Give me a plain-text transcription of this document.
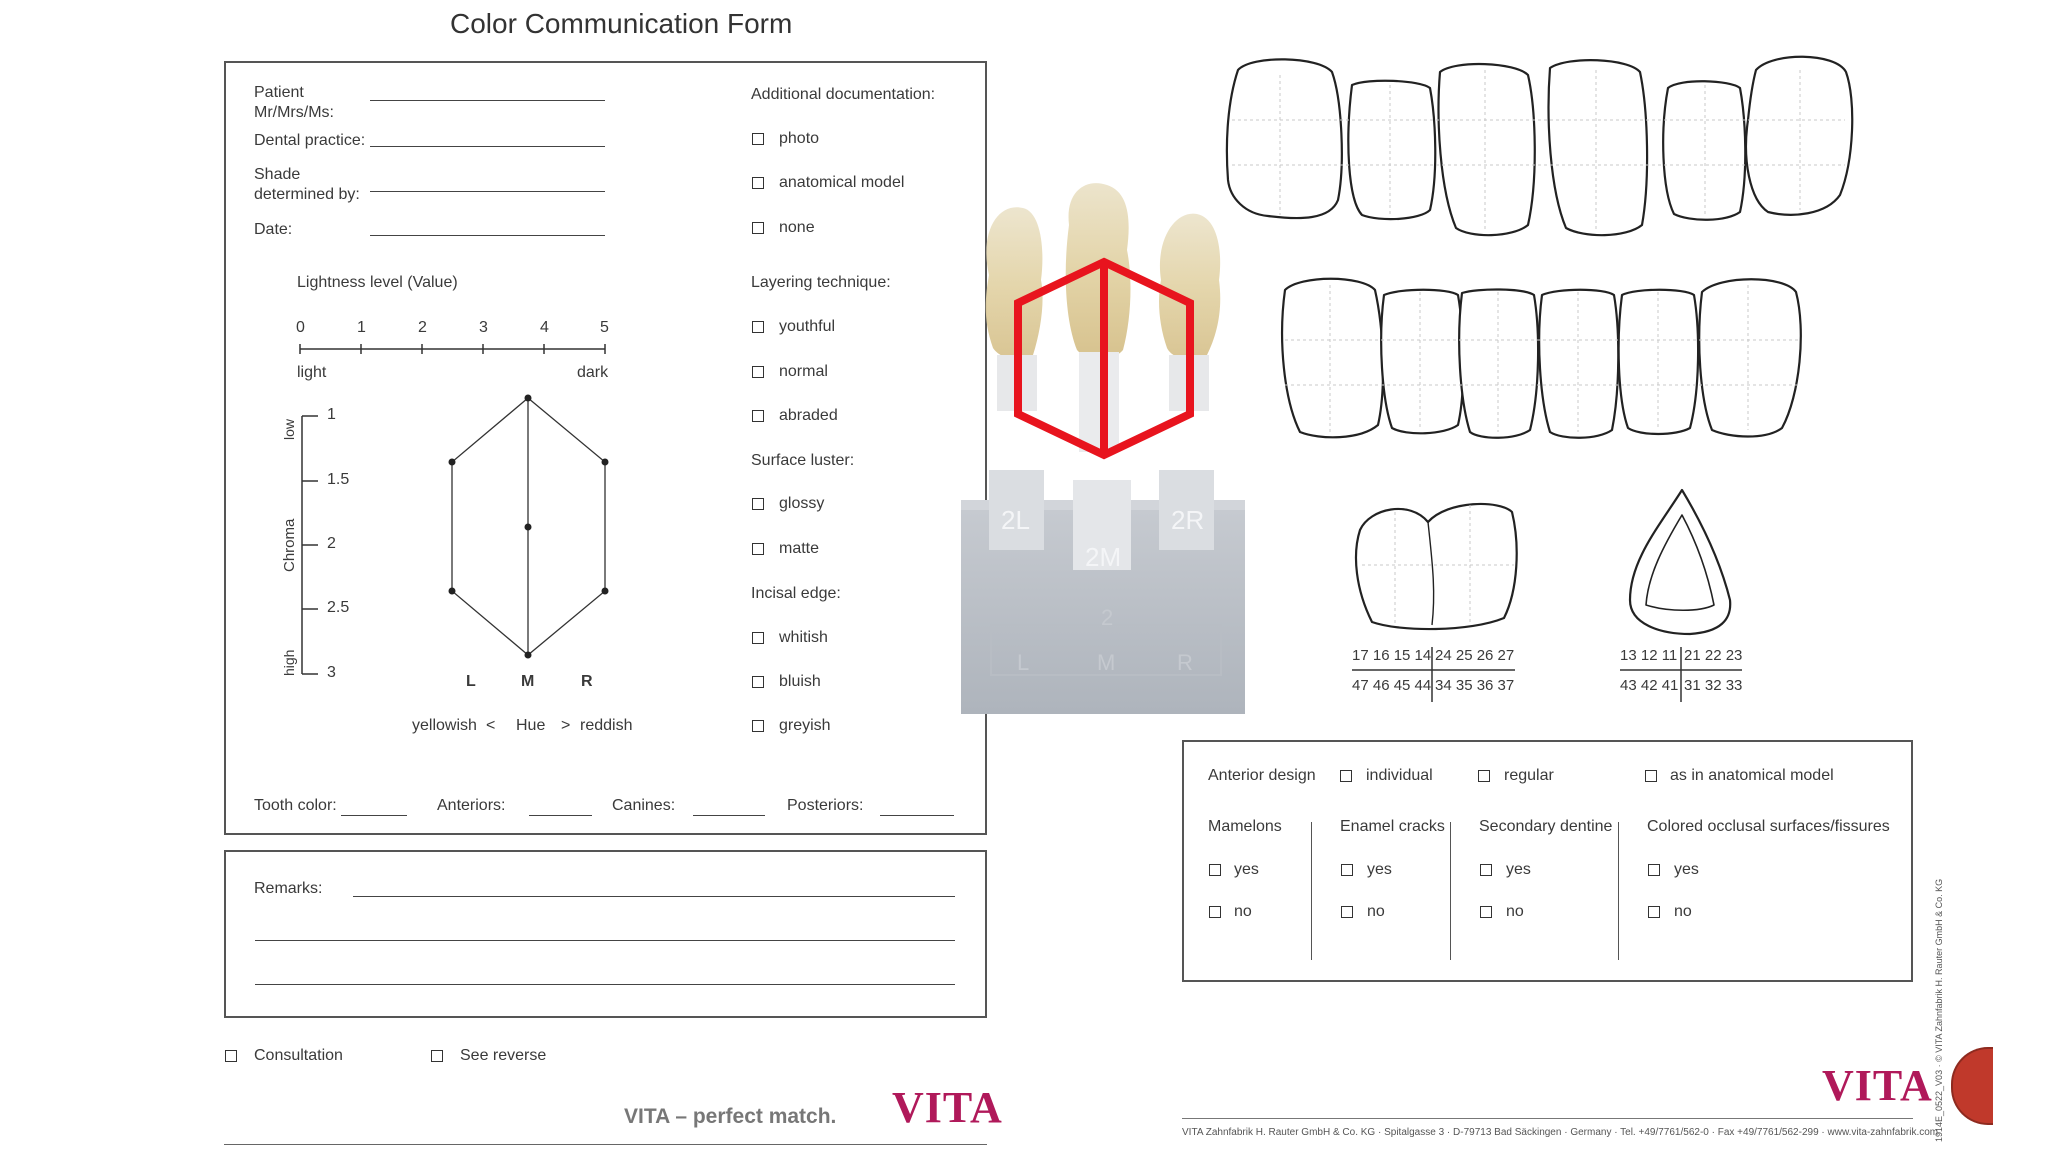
Color Communication Form
Patient
Mr/Mrs/Ms:
Dental practice:
Shade
determined by:
Date:
Lightness level (Value)
0	1	2	3	4	5
light	dark
1
1.5
2
2.5
3
low
Chroma
high
L	M	R
yellowish < Hue > reddish
Additional documentation:
photo
anatomical model
none
Layering technique:
youthful
normal
abraded
Surface luster:
glossy
matte
Incisal edge:
whitish
bluish
greyish
Tooth color:	Anteriors:	Canines:	Posteriors:
Remarks:
Consultation	See reverse
VITA – perfect match. VITA
2L
2M
2R
2
L	M	R	17 16 15 14 24 25 26 27
47 46 45 44 34 35 36 37
13 12 11 21 22 23
43 42 41 31 32 33
Anterior design	individual	regular	as in anatomical model
Mamelons
yes
no
Enamel cracks
yes
no
Secondary dentine
yes
no
Colored occlusal surfaces/fissures
yes
no
VITA
VITA Zahnfabrik H. Rauter GmbH & Co. KG · Spitalgasse 3 · D-79713 Bad Säckingen · Germany · Tel. +49/7761/562-0 · Fax +49/7761/562-299 · www.vita-zahnfabrik.com
1914E_0522_V03 · © VITA Zahnfabrik H. Rauter GmbH & Co. KG
